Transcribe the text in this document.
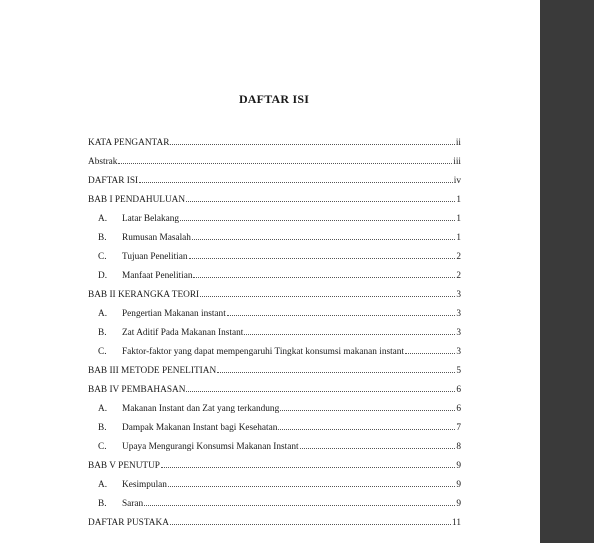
DAFTAR ISI
KATA PENGANTAR	ii
Abstrak	iii
DAFTAR ISI	iv
BAB I PENDAHULUAN	1
A.	Latar Belakang	1
B.	Rumusan Masalah	1
C.	Tujuan Penelitian	2
D.	Manfaat Penelitian	2
BAB II KERANGKA TEORI	3
A.	Pengertian Makanan instant	3
B.	Zat Aditif Pada Makanan Instant	3
C.	Faktor-faktor yang dapat mempengaruhi Tingkat konsumsi makanan instant	3
BAB III METODE PENELITIAN	5
BAB IV PEMBAHASAN	6
A.	Makanan Instant dan Zat yang terkandung	6
B.	Dampak Makanan Instant bagi Kesehatan	7
C.	Upaya Mengurangi Konsumsi Makanan Instant	8
BAB V PENUTUP	9
A.	Kesimpulan	9
B.	Saran	9
DAFTAR PUSTAKA	11
